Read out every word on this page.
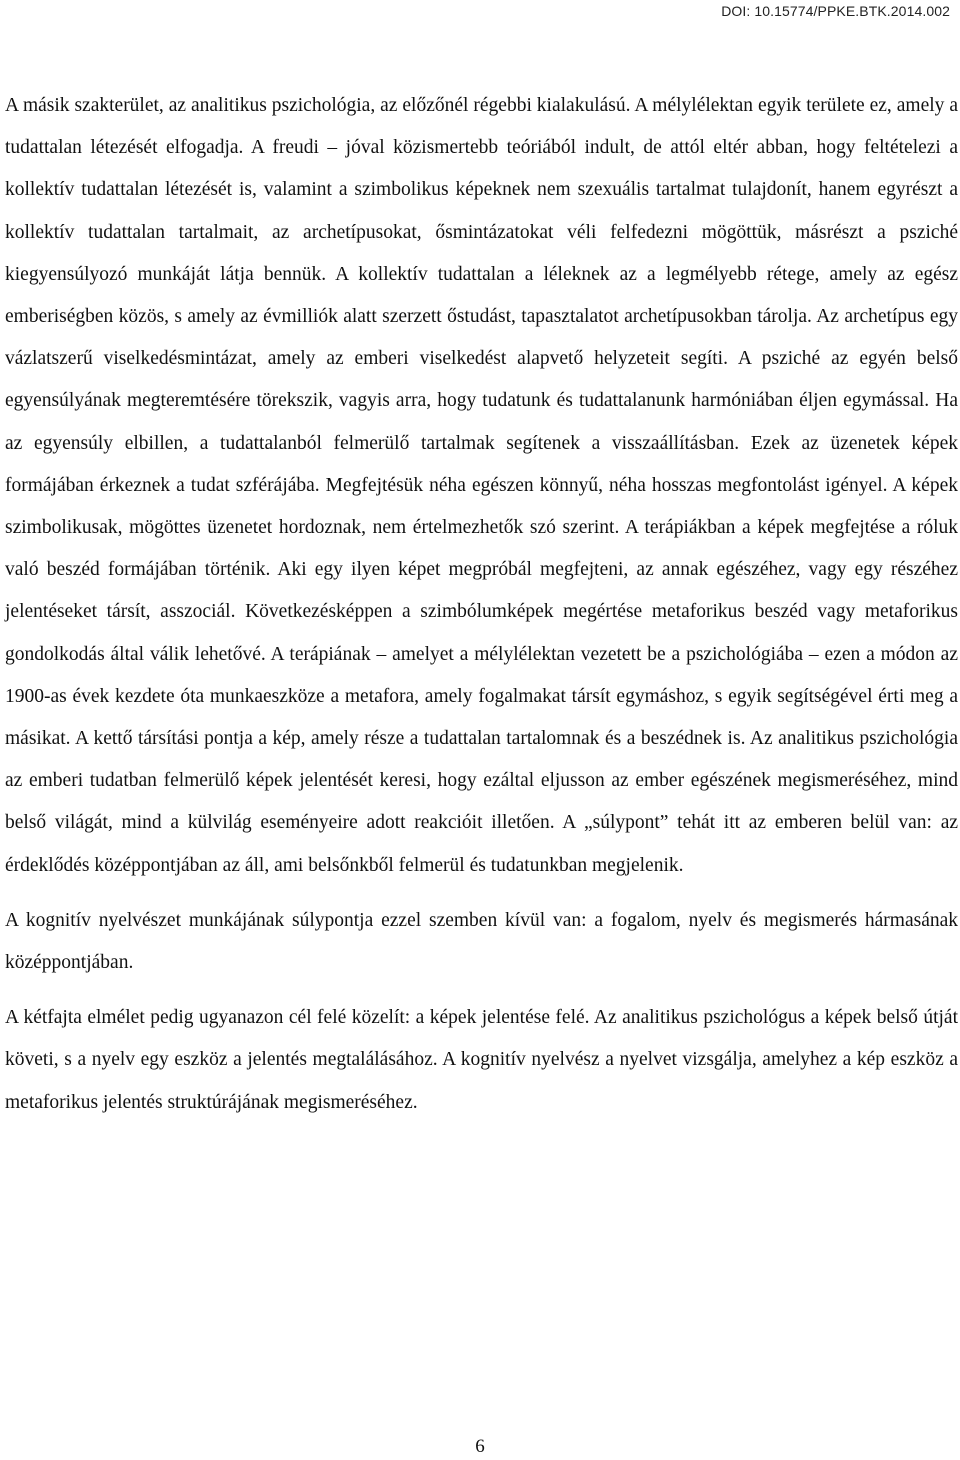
DOI: 10.15774/PPKE.BTK.2014.002

A másik szakterület, az analitikus pszichológia, az előzőnél régebbi kialakulású. A mélylélektan egyik területe ez, amely a tudattalan létezését elfogadja. A freudi – jóval közismertebb teóriából indult, de attól eltér abban, hogy feltételezi a kollektív tudattalan létezését is, valamint a szimbolikus képeknek nem szexuális tartalmat tulajdonít, hanem egyrészt a kollektív tudattalan tartalmait, az archetípusokat, ősmintázatokat véli felfedezni mögöttük, másrészt a psziché kiegyensúlyozó munkáját látja bennük. A kollektív tudattalan a léleknek az a legmélyebb rétege, amely az egész emberiségben közös, s amely az évmilliók alatt szerzett őstudást, tapasztalatot archetípusokban tárolja. Az archetípus egy vázlatszerű viselkedésmintázat, amely az emberi viselkedést alapvető helyzeteit segíti. A psziché az egyén belső egyensúlyának megteremtésére törekszik, vagyis arra, hogy tudatunk és tudattalanunk harmóniában éljen egymással. Ha az egyensúly elbillen, a tudattalanból felmerülő tartalmak segítenek a visszaállításban. Ezek az üzenetek képek formájában érkeznek a tudat szférájába. Megfejtésük néha egészen könnyű, néha hosszas megfontolást igényel. A képek szimbolikusak, mögöttes üzenetet hordoznak, nem értelmezhetők szó szerint. A terápiákban a képek megfejtése a róluk való beszéd formájában történik. Aki egy ilyen képet megpróbál megfejteni, az annak egészéhez, vagy egy részéhez jelentéseket társít, asszociál. Következésképpen a szimbólumképek megértése metaforikus beszéd vagy metaforikus gondolkodás által válik lehetővé. A terápiának – amelyet a mélylélektan vezetett be a pszichológiába – ezen a módon az 1900-as évek kezdete óta munkaeszköze a metafora, amely fogalmakat társít egymáshoz, s egyik segítségével érti meg a másikat. A kettő társítási pontja a kép, amely része a tudattalan tartalomnak és a beszédnek is. Az analitikus pszichológia az emberi tudatban felmerülő képek jelentését keresi, hogy ezáltal eljusson az ember egészének megismeréséhez, mind belső világát, mind a külvilág eseményeire adott reakcióit illetően. A „súlypont” tehát itt az emberen belül van: az érdeklődés középpontjában az áll, ami belsőnkből felmerül és tudatunkban megjelenik.

A kognitív nyelvészet munkájának súlypontja ezzel szemben kívül van: a fogalom, nyelv és megismerés hármasának középpontjában.

A kétfajta elmélet pedig ugyanazon cél felé közelít: a képek jelentése felé. Az analitikus pszichológus a képek belső útját követi, s a nyelv egy eszköz a jelentés megtalálásához. A kognitív nyelvész a nyelvet vizsgálja, amelyhez a kép eszköz a metaforikus jelentés struktúrájának megismeréséhez.

6
